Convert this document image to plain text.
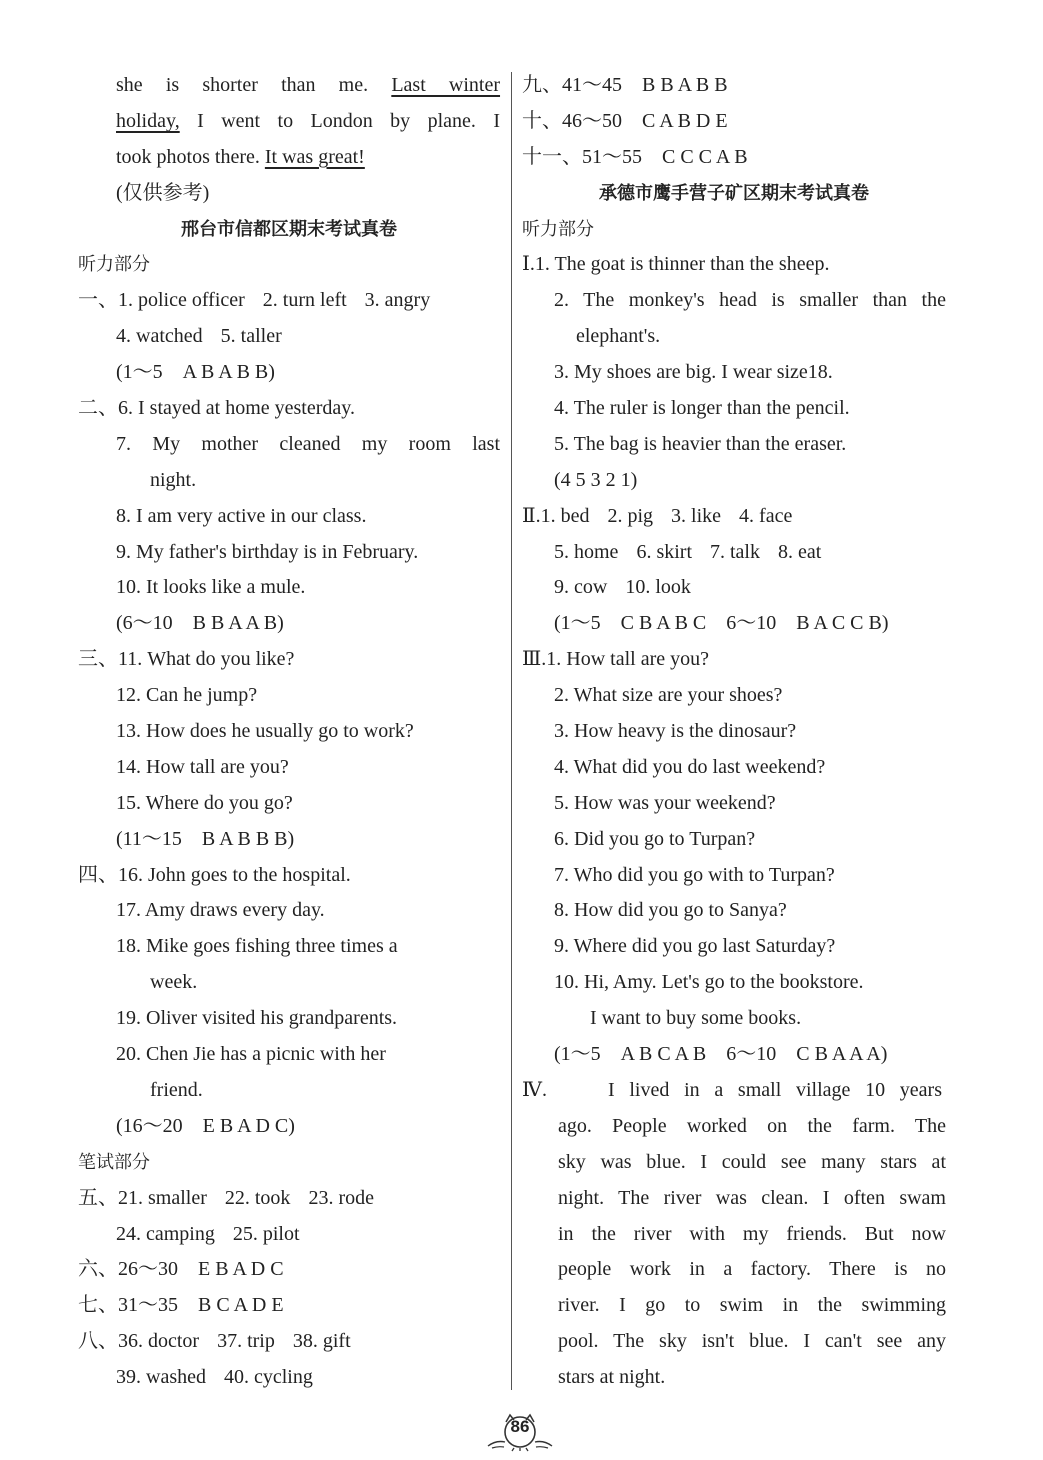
she is shorter than me. Last winter
holiday, I went to London by plane. I
took photos there. It was great!
(仅供参考)
邢台市信都区期末考试真卷
听力部分
一、1. police officer 2. turn left 3. angry
4. watched 5. taller
(1～5　A B A B B)
二、6. I stayed at home yesterday.
7. My mother cleaned my room last
night.
8. I am very active in our class.
9. My father's birthday is in February.
10. It looks like a mule.
(6～10　B B A A B)
三、11. What do you like?
12. Can he jump?
13. How does he usually go to work?
14. How tall are you?
15. Where do you go?
(11～15　B A B B B)
四、16. John goes to the hospital.
17. Amy draws every day.
18. Mike goes fishing three times a
week.
19. Oliver visited his grandparents.
20. Chen Jie has a picnic with her
friend.
(16～20　E B A D C)
笔试部分
五、21. smaller 22. took 23. rode
24. camping 25. pilot
六、26～30　E B A D C
七、31～35　B C A D E
八、36. doctor 37. trip 38. gift
39. washed 40. cycling
九、41～45　B B A B B
十、46～50　C A B D E
十一、51～55　C C C A B
承德市鹰手营子矿区期末考试真卷
听力部分
Ⅰ.1. The goat is thinner than the sheep.
2. The monkey's head is smaller than the
elephant's.
3. My shoes are big. I wear size18.
4. The ruler is longer than the pencil.
5. The bag is heavier than the eraser.
(4 5 3 2 1)
Ⅱ.1. bed 2. pig 3. like 4. face
5. home 6. skirt 7. talk 8. eat
9. cow 10. look
(1～5　C B A B C　6～10　B A C C B)
Ⅲ.1. How tall are you?
2. What size are your shoes?
3. How heavy is the dinosaur?
4. What did you do last weekend?
5. How was your weekend?
6. Did you go to Turpan?
7. Who did you go with to Turpan?
8. How did you go to Sanya?
9. Where did you go last Saturday?
10. Hi, Amy. Let's go to the bookstore.
I want to buy some books.
(1～5　A B C A B　6～10　C B A A A)
Ⅳ.	I lived in a small village 10 years
ago. People worked on the farm. The
sky was blue. I could see many stars at
night. The river was clean. I often swam
in the river with my friends. But now
people work in a factory. There is no
river. I go to swim in the swimming
pool. The sky isn't blue. I can't see any
stars at night.
86
